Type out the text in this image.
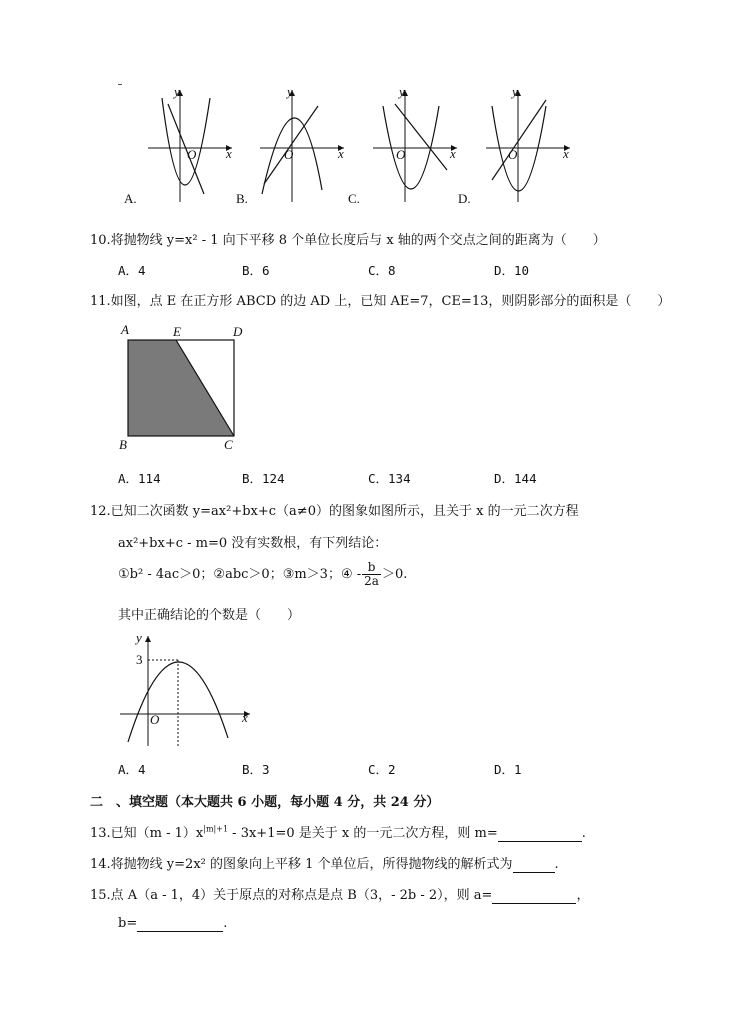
y
x
O
A.
y
x
O
B.
y
x
O
C.
y
x
O
D.
10.将抛物线 y=x² - 1 向下平移 8 个单位长度后与 x 轴的两个交点之间的距离为（　　）
A．4	B．6	C．8	D．10
11.如图，点 E 在正方形 ABCD 的边 AD 上，已知 AE=7，CE=13，则阴影部分的面积是（　　）
A	E	D
B	C
A．114	B．124	C．134	D．144
12.已知二次函数 y=ax²+bx+c（a≠0）的图象如图所示，且关于 x 的一元二次方程
ax²+bx+c - m=0 没有实数根，有下列结论：
①b² - 4ac＞0；②abc＞0；③m＞3；④ - $\frac{b}{2a} >0$.
其中正确结论的个数是（　　）
y
3
x
O
A．4	B．3	C．2	D．1
二　、填空题（本大题共 6 小题，每小题 4 分，共 24 分）
13.已知$(m - 1)x^{|m|+1} - 3x+1=0$ 是关于 x 的一元二次方程，则 m=	.
14.将抛物线 y=2x² 的图象向上平移 1 个单位后，所得抛物线的解析式为	.
15.点 A（a - 1，4）关于原点的对称点是点 B（3，- 2b - 2），则 a=	，
b=	.
